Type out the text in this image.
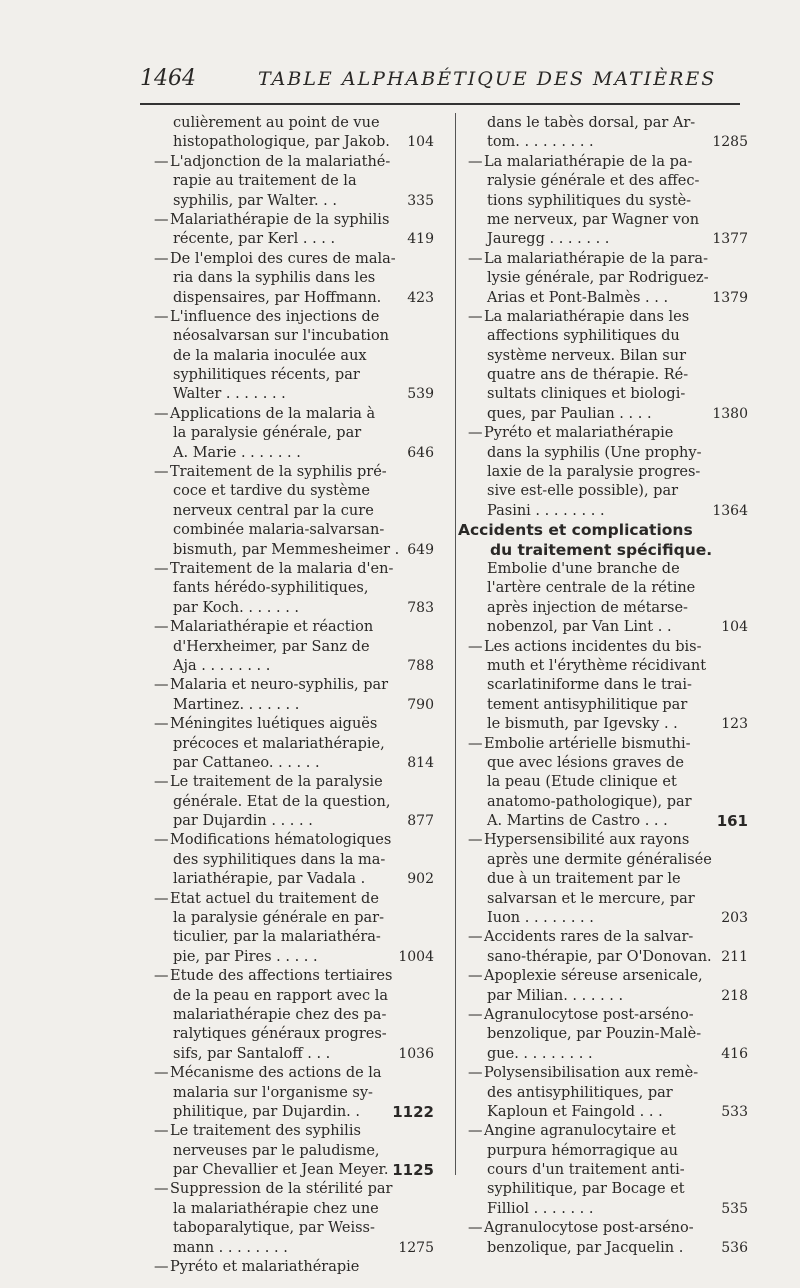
1464	TABLE ALPHABÉTIQUE DES MATIÈRES
culièrement au point de vue
histopathologique, par Jakob.	104
— L'adjonction de la malariathé-
rapie au traitement de la
syphilis, par Walter. . .	335
— Malariathérapie de la syphilis
récente, par Kerl . . . .	419
— De l'emploi des cures de mala-
ria dans la syphilis dans les
dispensaires, par Hoffmann.	423
— L'influence des injections de
néosalvarsan sur l'incubation
de la malaria inoculée aux
syphilitiques récents, par
Walter . . . . . . .	539
— Applications de la malaria à
la paralysie générale, par
A. Marie . . . . . . .	646
— Traitement de la syphilis pré-
coce et tardive du système
nerveux central par la cure
combinée malaria-salvarsan-
bismuth, par Memmesheimer . 649
— Traitement de la malaria d'en-
fants hérédo-syphilitiques,
par Koch. . . . . . .	783
— Malariathérapie et réaction
d'Herxheimer, par Sanz de
Aja . . . . . . . .	788
— Malaria et neuro-syphilis, par
Martinez. . . . . . .	790
— Méningites luétiques aiguës
précoces et malariathérapie,
par Cattaneo. . . . . .	814
— Le traitement de la paralysie
générale. Etat de la question,
par Dujardin . . . . .	877
— Modifications hématologiques
des syphilitiques dans la ma-
lariathérapie, par Vadala .	902
— Etat actuel du traitement de
la paralysie générale en par-
ticulier, par la malariathéra-
pie, par Pires . . . . .	1004
— Etude des affections tertiaires
de la peau en rapport avec la
malariathérapie chez des pa-
ralytiques généraux progres-
sifs, par Santaloff . . .	1036
— Mécanisme des actions de la
malaria sur l'organisme sy-
philitique, par Dujardin. .	1122
— Le traitement des syphilis
nerveuses par le paludisme,
par Chevallier et Jean Meyer. 1125
— Suppression de la stérilité par
la malariathérapie chez une
taboparalytique, par Weiss-
mann . . . . . . . .	1275
— Pyréto et malariathérapie
dans le tabès dorsal, par Ar-
tom. . . . . . . . .	1285
— La malariathérapie de la pa-
ralysie générale et des affec-
tions syphilitiques du systè-
me nerveux, par Wagner von
Jauregg . . . . . . .	1377
— La malariathérapie de la para-
lysie générale, par Rodriguez-
Arias et Pont-Balmès . . .	1379
— La malariathérapie dans les
affections syphilitiques du
système nerveux. Bilan sur
quatre ans de thérapie. Ré-
sultats cliniques et biologi-
ques, par Paulian . . . .	1380
— Pyréto et malariathérapie
dans la syphilis (Une prophy-
laxie de la paralysie progres-
sive est-elle possible), par
Pasini . . . . . . . .	1364
Accidents et complications
du traitement spécifique.
Embolie d'une branche de
l'artère centrale de la rétine
après injection de métarse-
nobenzol, par Van Lint . .	104
— Les actions incidentes du bis-
muth et l'érythème récidivant
scarlatiniforme dans le trai-
tement antisyphilitique par
le bismuth, par Igevsky . .	123
— Embolie artérielle bismuthi-
que avec lésions graves de
la peau (Etude clinique et
anatomo-pathologique), par
A. Martins de Castro . . .	161
— Hypersensibilité aux rayons
après une dermite généralisée
due à un traitement par le
salvarsan et le mercure, par
Iuon . . . . . . . .	203
— Accidents rares de la salvar-
sano-thérapie, par O'Donovan. 211
— Apoplexie séreuse arsenicale,
par Milian. . . . . . .	218
— Agranulocytose post-arséno-
benzolique, par Pouzin-Malè-
gue. . . . . . . . .	416
— Polysensibilisation aux remè-
des antisyphilitiques, par
Kaploun et Faingold . . .	533
— Angine agranulocytaire et
purpura hémorragique au
cours d'un traitement anti-
syphilitique, par Bocage et
Filliol . . . . . . .	535
— Agranulocytose post-arséno-
benzolique, par Jacquelin .	536
